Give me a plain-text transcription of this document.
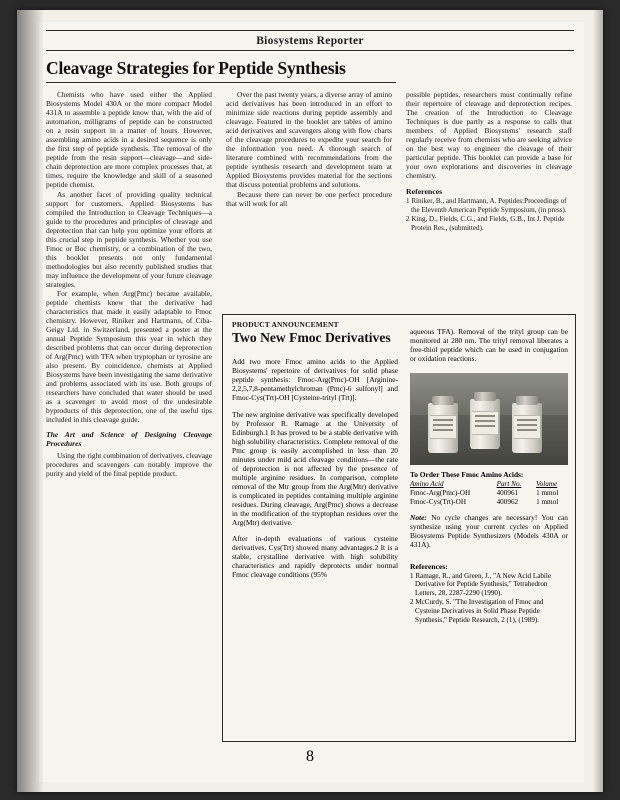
Biosystems Reporter
Cleavage Strategies for Peptide Synthesis

Chemists who have used either the Applied Biosystems Model 430A or the more compact Model 431A to assemble a peptide know that, with the aid of automation, milligrams of peptide can be constructed on a resin support in a matter of hours. However, assembling amino acids in a desired sequence is only the first step of peptide synthesis. The removal of the peptide from the resin support—cleavage—and side-chain deprotection are more complex processes that, at times, require the knowledge and skill of a seasoned peptide chemist.

As another facet of providing quality technical support for customers, Applied Biosystems has compiled the Introduction to Cleavage Techniques—a guide to the procedures and principles of cleavage and deprotection that can help you optimize your efforts at this crucial step in peptide synthesis. Whether you use Fmoc or Boc chemistry, or a combination of the two, this booklet presents not only fundamental methodologies but also recently published studies that may influence the development of your future cleavage strategies.

For example, when Arg(Pmc) became available, peptide chemists knew that the derivative had characteristics that made it easily adaptable to Fmoc chemistry. However, Riniker and Hartmann, of Ciba-Geigy Ltd. in Switzerland, presented a poster at the annual Peptide Symposium this year in which they described problems that can occur during deprotection of Arg(Pmc) with TFA when tryptophan or tyrosine are also present. By coincidence, chemists at Applied Biosystems have been investigating the same derivative and problems associated with its use. Both groups of researchers have concluded that water should be used as a scavenger to avoid most of the undesirable byproducts of this deprotection, one of the useful tips included in this cleavage guide.

The Art and Science of Designing Cleavage Procedures

Using the right combination of derivatives, cleavage procedures and scavengers can notably improve the purity and yield of the final peptide product.

Over the past twenty years, a diverse array of amino acid derivatives has been introduced in an effort to minimize side reactions during peptide assembly and cleavage. Featured in the booklet are tables of amino acid derivatives and scavengers along with flow charts of the cleavage procedures to expedite your search for the information you need. A thorough search of literature combined with recommendations from the peptide synthesis research and development team at Applied Biosystems provides material for the sections that discuss potential problems and solutions.

Because there can never be one perfect procedure that will work for all

possible peptides, researchers must continually refine their repertoire of cleavage and deprotection recipes. The creation of the Introduction to Cleavage Techniques is due partly as a response to calls that members of Applied Biosystems' research staff regularly receive from chemists who are seeking advice on the best way to engineer the cleavage of their particular peptide. This booklet can provide a base for your own explorations and discoveries in cleavage chemistry.

References
1 Riniker, B., and Hartmann, A. Peptides:Proceedings of the Eleventh American Peptide Symposium, (in press).
2 King, D., Fields, C.G., and Fields, G.B., Int J. Peptide Protein Res., (submitted).
PRODUCT ANNOUNCEMENT
Two New Fmoc Derivatives

Add two more Fmoc amino acids to the Applied Biosystems' repertoire of derivatives for solid phase peptide synthesis: Fmoc-Arg(Pmc)-OH [Arginine-2,2,5,7,8-pentamethylchroman (Pmc)-6 sulfonyl] and Fmoc-Cys(Trt)-OH [Cysteine-trityl (Trt)].

The new arginine derivative was specifically developed by Professor R. Ramage at the University of Edinburgh.1 It has proved to be a stable derivative with high solubility characteristics. Complete removal of the Pmc group is easily accomplished in less than 20 minutes under mild acid cleavage conditions—the rate of deprotection is not affected by the presence of multiple arginine residues. In comparison, complete removal of the Mtr group from the Arg(Mtr) derivative is complicated in peptides containing multiple arginine residues. During cleavage, Arg(Pmc) shows a decrease in the modification of the tryptophan residues over the Arg(Mtr) derivative.

After in-depth evaluations of various cysteine derivatives, Cys(Trt) showed many advantages.2 It is a stable, crystalline derivative with high solubility characteristics and rapidly deprotects under normal Fmoc cleavage conditions (95%

aqueous TFA). Removal of the trityl group can be monitored at 280 nm. The trityl removal liberates a free-thiol peptide which can be used in conjugation or oxidation reactions.

To Order These Fmoc Amino Acids:
Amino Acid	Part No.	Volume
Fmoc-Arg(Pmc)-OH	400961	1 mmol
Fmoc-Cys(Trt)-OH	400962	1 mmol
Note: No cycle changes are necessary! You can synthesize using your current cycles on Applied Biosystems Peptide Synthesizers (Models 430A or 431A).
References:
1 Ramage, R., and Green, J., "A New Acid Labile Derivative for Peptide Synthesis," Tetrahedron Letters, 28, 2287-2290 (1990).
2 McCurdy, S. "The Investigation of Fmoc and Cysteine Derivatives in Solid Phase Peptide Synthesis," Peptide Research, 2 (1), (1989).
8
